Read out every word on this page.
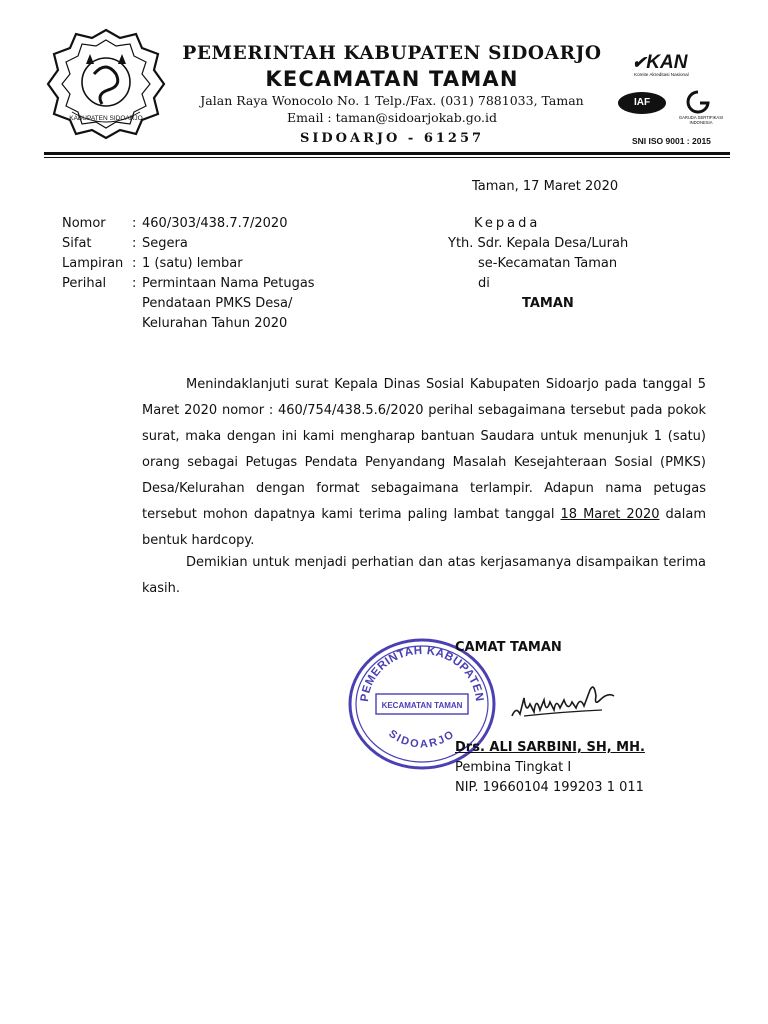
KABUPATEN SIDOARJO
PEMERINTAH KABUPATEN SIDOARJO
KECAMATAN TAMAN
Jalan Raya Wonocolo No. 1 Telp./Fax. (031) 7881033, Taman
Email : taman@sidoarjokab.go.id
SIDOARJO - 61257
✔KAN
Komite Akreditasi Nasional
IAF
GARUDA SERTIFIKASI INDONESIA
SNI ISO 9001 : 2015
Taman, 17 Maret 2020
Nomor	: 460/303/438.7.7/2020
Sifat	: Segera
Lampiran : 1 (satu) lembar
Perihal	: Permintaan Nama Petugas
Pendataan PMKS Desa/
Kelurahan Tahun 2020
Kepada
Yth. Sdr. Kepala Desa/Lurah
se-Kecamatan Taman
di
TAMAN

Menindaklanjuti surat Kepala Dinas Sosial Kabupaten Sidoarjo pada tanggal 5 Maret 2020 nomor : 460/754/438.5.6/2020 perihal sebagaimana tersebut pada pokok surat, maka dengan ini kami mengharap bantuan Saudara untuk menunjuk 1 (satu) orang sebagai Petugas Pendata Penyandang Masalah Kesejahteraan Sosial (PMKS) Desa/Kelurahan dengan format sebagaimana terlampir. Adapun nama petugas tersebut mohon dapatnya kami terima paling lambat tanggal 18 Maret 2020 dalam bentuk hardcopy.

Demikian untuk menjadi perhatian dan atas kerjasamanya disampaikan terima kasih.

PEMERINTAH KABUPATEN
KECAMATAN TAMAN
SIDOARJO
CAMAT TAMAN
Drs. ALI SARBINI, SH, MH.
Pembina Tingkat I
NIP. 19660104 199203 1 011
